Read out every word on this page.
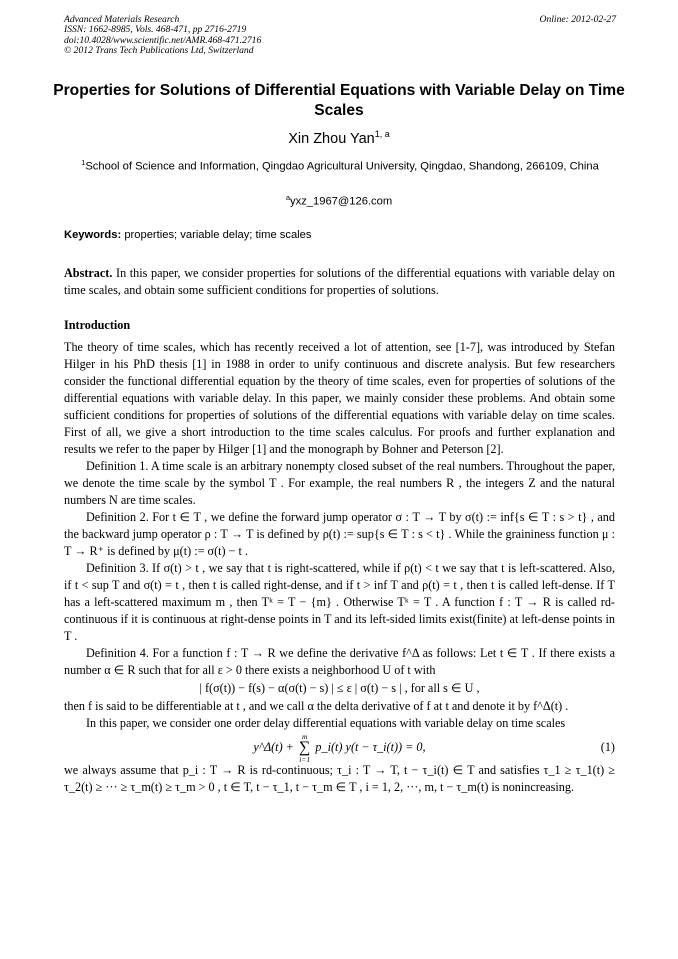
Advanced Materials Research
ISSN: 1662-8985, Vols. 468-471, pp 2716-2719
doi:10.4028/www.scientific.net/AMR.468-471.2716
© 2012 Trans Tech Publications Ltd, Switzerland
Online: 2012-02-27
Properties for Solutions of Differential Equations with Variable Delay on Time Scales
Xin Zhou Yan$^{1, a}$
$^1$School of Science and Information, Qingdao Agricultural University, Qingdao, Shandong, 266109, China
$^a$yxz_1967@126.com
Keywords: properties; variable delay; time scales
Abstract. In this paper, we consider properties for solutions of the differential equations with variable delay on time scales, and obtain some sufficient conditions for properties of solutions.
Introduction

The theory of time scales, which has recently received a lot of attention, see [1-7], was introduced by Stefan Hilger in his PhD thesis [1] in 1988 in order to unify continuous and discrete analysis. But few researchers consider the functional differential equation by the theory of time scales, even for properties of solutions of the differential equations with variable delay. In this paper, we mainly consider these problems. And obtain some sufficient conditions for properties of solutions of the differential equations with variable delay on time scales. First of all, we give a short introduction to the time scales calculus. For proofs and further explanation and results we refer to the paper by Hilger [1] and the monograph by Bohner and Peterson [2].

Definition 1. A time scale is an arbitrary nonempty closed subset of the real numbers. Throughout the paper, we denote the time scale by the symbol T . For example, the real numbers R , the integers Z and the natural numbers N are time scales.

Definition 2. For t ∈ T , we define the forward jump operator σ : T → T by σ(t) := inf{s ∈ T : s > t} , and the backward jump operator ρ : T → T is defined by ρ(t) := sup{s ∈ T : s < t} . While the graininess function μ : T → R⁺ is defined by μ(t) := σ(t) − t .

Definition 3. If σ(t) > t , we say that t is right-scattered, while if ρ(t) < t we say that t is left-scattered. Also, if t < sup T and σ(t) = t , then t is called right-dense, and if t > inf T and ρ(t) = t , then t is called left-dense. If T has a left-scattered maximum m , then Tᵏ = T − {m} . Otherwise Tᵏ = T . A function f : T → R is called rd-continuous if it is continuous at right-dense points in T and its left-sided limits exist(finite) at left-dense points in T .

Definition 4. For a function f : T → R we define the derivative f^Δ as follows: Let t ∈ T . If there exists a number α ∈ R such that for all ε > 0 there exists a neighborhood U of t with

| f(σ(t)) − f(s) − α(σ(t) − s) | ≤ ε | σ(t) − s | , for all s ∈ U ,

then f is said to be differentiable at t , and we call α the delta derivative of f at t and denote it by f^Δ(t) .

In this paper, we consider one order delay differential equations with variable delay on time scales

y^Δ(t) +
m
∑
i=1
p_i(t) y(t − τ_i(t)) = 0,	(1)

we always assume that p_i : T → R is rd-continuous; τ_i : T → T, t − τ_i(t) ∈ T and satisfies τ_1 ≥ τ_1(t) ≥ τ_2(t) ≥ ··· ≥ τ_m(t) ≥ τ_m > 0 , t ∈ T, t − τ_1, t − τ_m ∈ T , i = 1, 2, ···, m, t − τ_m(t) is nonincreasing.
